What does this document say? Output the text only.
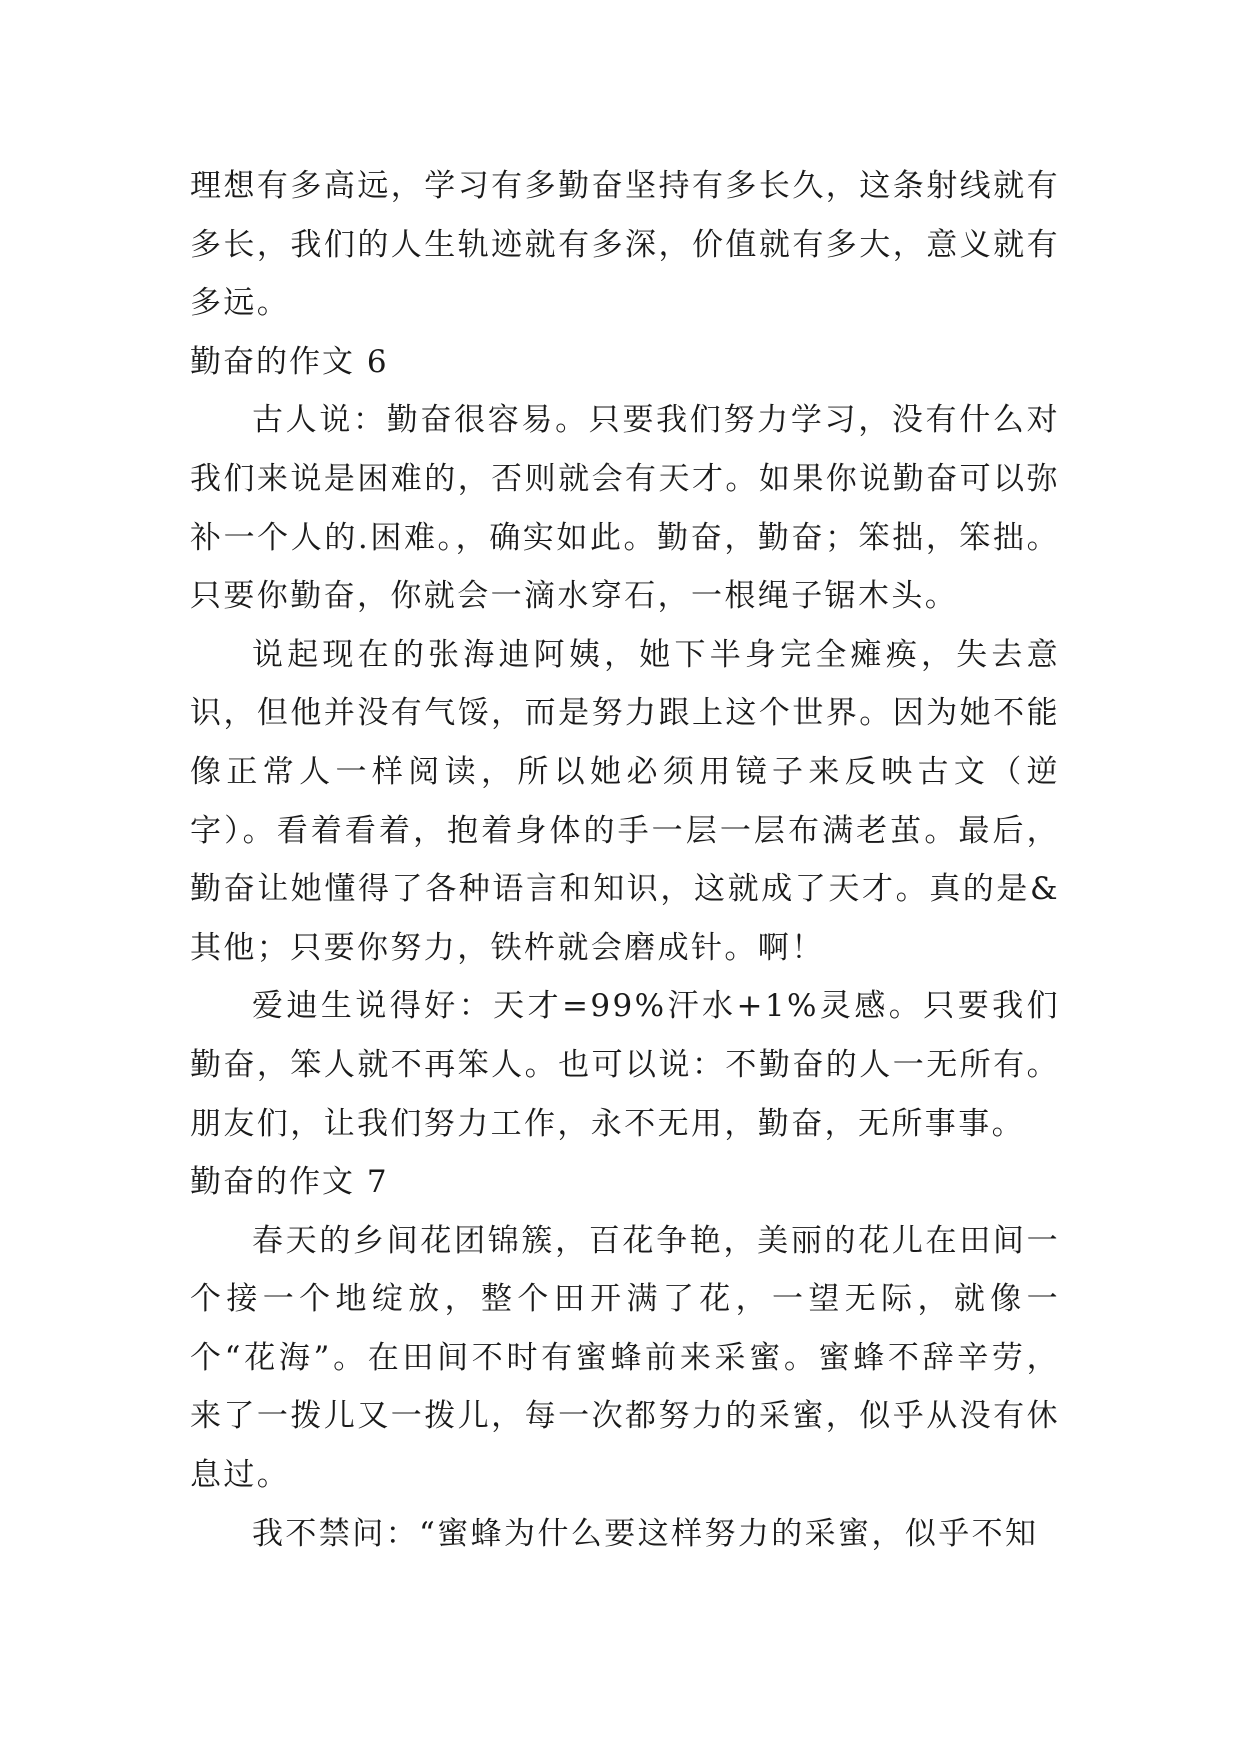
理想有多高远，学习有多勤奋坚持有多长久，这条射线就有多长，我们的人生轨迹就有多深，价值就有多大，意义就有多远。

勤奋的作文 6

古人说：勤奋很容易。只要我们努力学习，没有什么对我们来说是困难的，否则就会有天才。如果你说勤奋可以弥补一个人的.困难。，确实如此。勤奋，勤奋；笨拙，笨拙。只要你勤奋，你就会一滴水穿石，一根绳子锯木头。

说起现在的张海迪阿姨，她下半身完全瘫痪，失去意识，但他并没有气馁，而是努力跟上这个世界。因为她不能像正常人一样阅读，所以她必须用镜子来反映古文（逆字）。看着看着，抱着身体的手一层一层布满老茧。最后，勤奋让她懂得了各种语言和知识，这就成了天才。真的是&其他；只要你努力，铁杵就会磨成针。啊！

爱迪生说得好：天才=99%汗水+1%灵感。只要我们勤奋，笨人就不再笨人。也可以说：不勤奋的人一无所有。朋友们，让我们努力工作，永不无用，勤奋，无所事事。

勤奋的作文 7

春天的乡间花团锦簇，百花争艳，美丽的花儿在田间一个接一个地绽放，整个田开满了花，一望无际，就像一个“花海”。在田间不时有蜜蜂前来采蜜。蜜蜂不辞辛劳，来了一拨儿又一拨儿，每一次都努力的采蜜，似乎从没有休息过。

我不禁问：“蜜蜂为什么要这样努力的采蜜，似乎不知
